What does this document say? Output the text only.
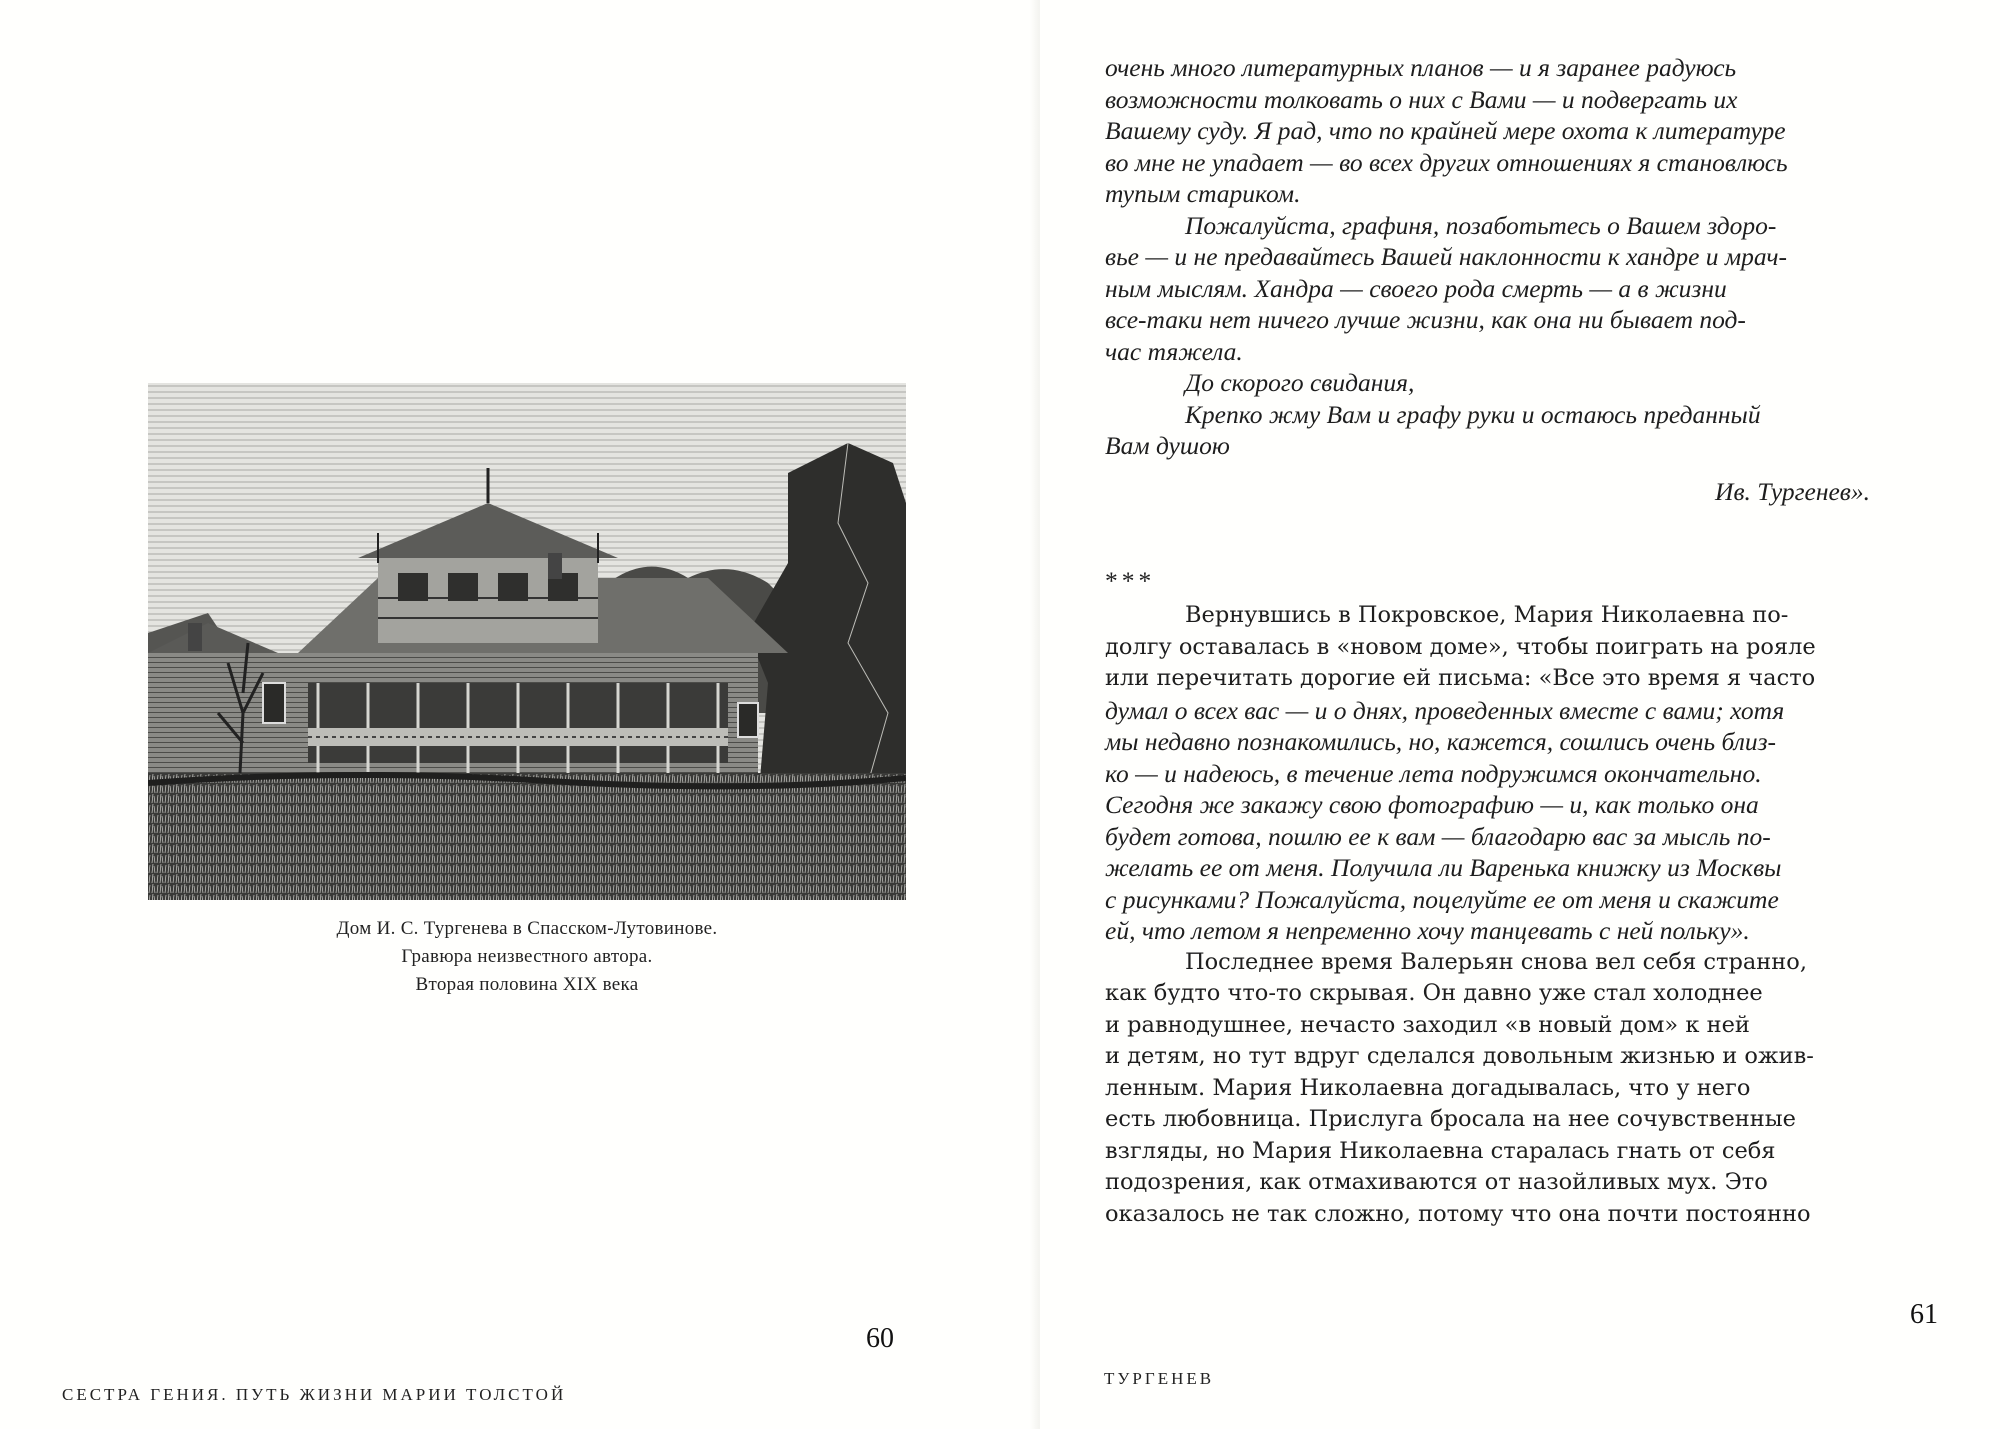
Дом И. С. Тургенева в Спасском-Лутовинове.
Гравюра неизвестного автора.
Вторая половина XIX века
60
СЕСТРА ГЕНИЯ. ПУТЬ ЖИЗНИ МАРИИ ТОЛСТОЙ
очень много литературных планов — и я заранее радуюсь
возможности толковать о них с Вами — и подвергать их
Вашему суду. Я рад, что по крайней мере охота к литературе
во мне не упадает — во всех других отношениях я становлюсь
тупым стариком.
Пожалуйста, графиня, позаботьтесь о Вашем здоро-
вье — и не предавайтесь Вашей наклонности к хандре и мрач-
ным мыслям. Хандра — своего рода смерть — а в жизни
все-таки нет ничего лучше жизни, как она ни бывает под-
час тяжела.
До скорого свидания,
Крепко жму Вам и графу руки и остаюсь преданный
Вам душою
Ив. Тургенев».
***
Вернувшись в Покровское, Мария Николаевна по-
долгу оставалась в «новом доме», чтобы поиграть на рояле
или перечитать дорогие ей письма: «Все это время я часто
думал о всех вас — и о днях, проведенных вместе с вами; хотя
мы недавно познакомились, но, кажется, сошлись очень близ-
ко — и надеюсь, в течение лета подружимся окончательно.
Сегодня же закажу свою фотографию — и, как только она
будет готова, пошлю ее к вам — благодарю вас за мысль по-
желать ее от меня. Получила ли Варенька книжку из Москвы
с рисунками? Пожалуйста, поцелуйте ее от меня и скажите
ей, что летом я непременно хочу танцевать с ней польку».
Последнее время Валерьян снова вел себя странно,
как будто что-то скрывая. Он давно уже стал холоднее
и равнодушнее, нечасто заходил «в новый дом» к ней
и детям, но тут вдруг сделался довольным жизнью и ожив-
ленным. Мария Николаевна догадывалась, что у него
есть любовница. Прислуга бросала на нее сочувственные
взгляды, но Мария Николаевна старалась гнать от себя
подозрения, как отмахиваются от назойливых мух. Это
оказалось не так сложно, потому что она почти постоянно
61
ТУРГЕНЕВ
